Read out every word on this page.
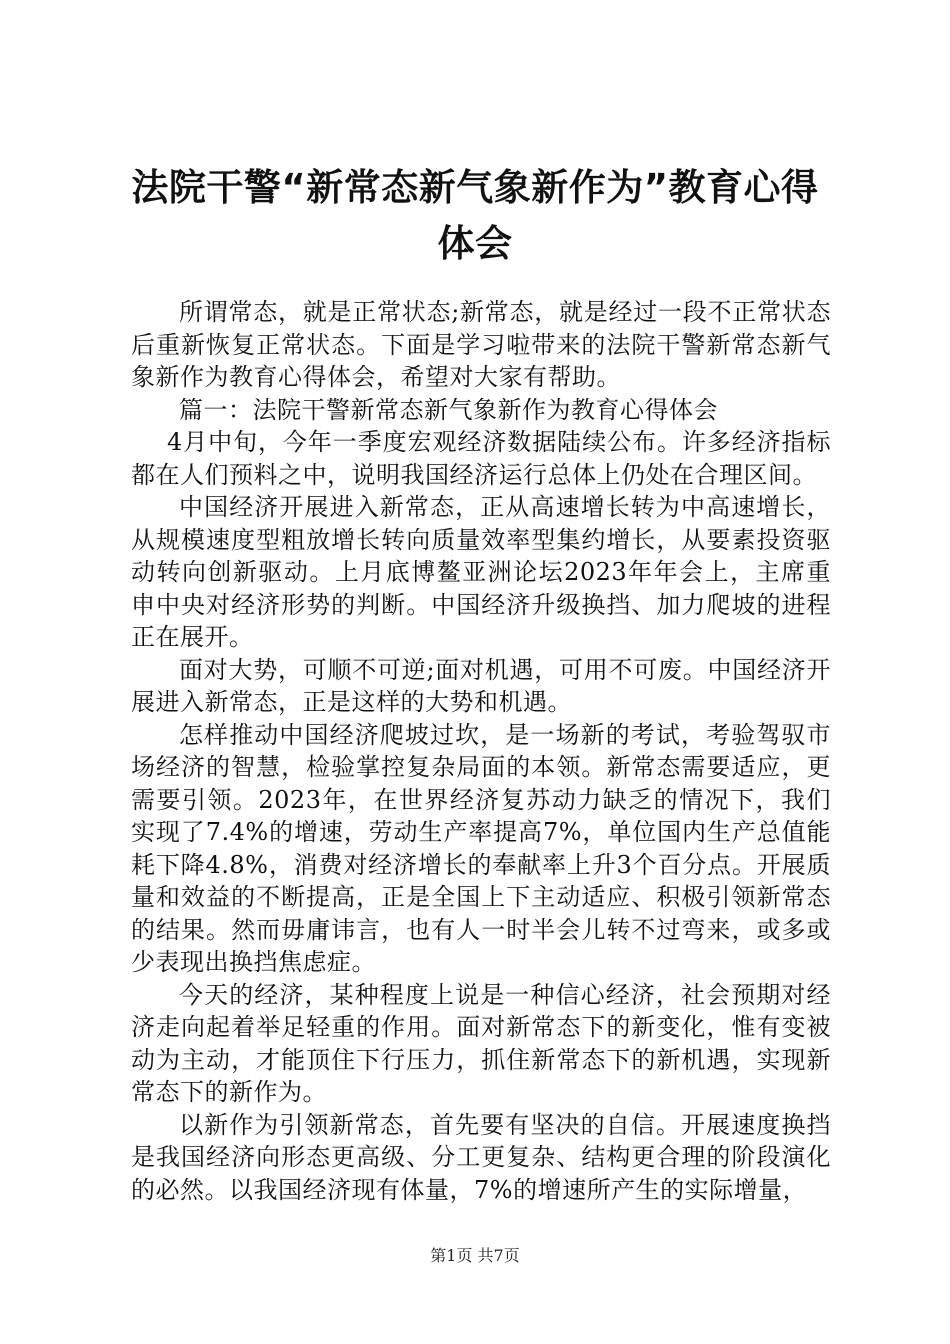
法院干警“新常态新气象新作为”教育心得体会

所谓常态，就是正常状态;新常态，就是经过一段不正常状态后重新恢复正常状态。下面是学习啦带来的法院干警新常态新气象新作为教育心得体会，希望对大家有帮助。

篇一：法院干警新常态新气象新作为教育心得体会

4月中旬，今年一季度宏观经济数据陆续公布。许多经济指标都在人们预料之中，说明我国经济运行总体上仍处在合理区间。

中国经济开展进入新常态，正从高速增长转为中高速增长，从规模速度型粗放增长转向质量效率型集约增长，从要素投资驱动转向创新驱动。上月底博鳌亚洲论坛2023年年会上，主席重申中央对经济形势的判断。中国经济升级换挡、加力爬坡的进程正在展开。

面对大势，可顺不可逆;面对机遇，可用不可废。中国经济开展进入新常态，正是这样的大势和机遇。

怎样推动中国经济爬坡过坎，是一场新的考试，考验驾驭市场经济的智慧，检验掌控复杂局面的本领。新常态需要适应，更需要引领。2023年，在世界经济复苏动力缺乏的情况下，我们实现了7.4%的增速，劳动生产率提高7%，单位国内生产总值能耗下降4.8%，消费对经济增长的奉献率上升3个百分点。开展质量和效益的不断提高，正是全国上下主动适应、积极引领新常态的结果。然而毋庸讳言，也有人一时半会儿转不过弯来，或多或少表现出换挡焦虑症。

今天的经济，某种程度上说是一种信心经济，社会预期对经济走向起着举足轻重的作用。面对新常态下的新变化，惟有变被动为主动，才能顶住下行压力，抓住新常态下的新机遇，实现新常态下的新作为。

以新作为引领新常态，首先要有坚决的自信。开展速度换挡是我国经济向形态更高级、分工更复杂、结构更合理的阶段演化的必然。以我国经济现有体量，7%的增速所产生的实际增量，

第1页 共7页
